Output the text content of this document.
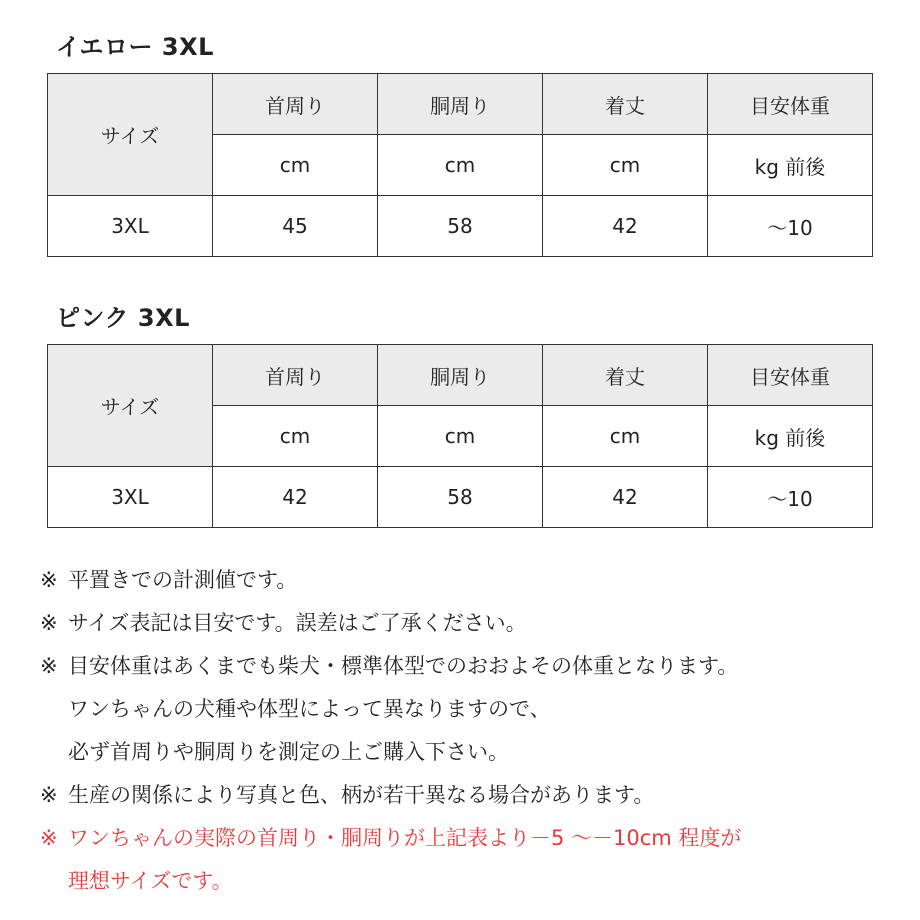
イエロー 3XL
サイズ	首周り	胴周り	着丈	目安体重
	cm	cm	cm	kg 前後
3XL	45	58	42	～10
ピンク 3XL
サイズ	首周り	胴周り	着丈	目安体重
	cm	cm	cm	kg 前後
3XL	42	58	42	～10
※ 平置きでの計測値です。
※ サイズ表記は目安です。誤差はご了承ください。
※ 目安体重はあくまでも柴犬・標準体型でのおおよその体重となります。
ワンちゃんの犬種や体型によって異なりますので、
必ず首周りや胴周りを測定の上ご購入下さい。
※ 生産の関係により写真と色、柄が若干異なる場合があります。
※ ワンちゃんの実際の首周り・胴周りが上記表より－5 ～－10cm 程度が
理想サイズです。
